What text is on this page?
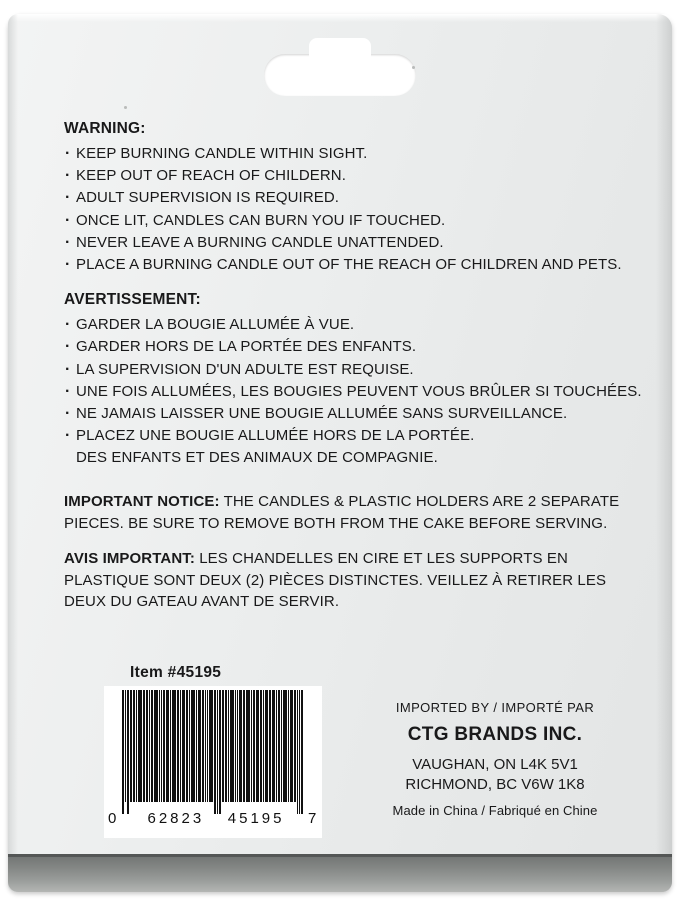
WARNING:
· KEEP BURNING CANDLE WITHIN SIGHT.
· KEEP OUT OF REACH OF CHILDERN.
· ADULT SUPERVISION IS REQUIRED.
· ONCE LIT, CANDLES CAN BURN YOU IF TOUCHED.
· NEVER LEAVE A BURNING CANDLE UNATTENDED.
· PLACE A BURNING CANDLE OUT OF THE REACH OF CHILDREN AND PETS.
AVERTISSEMENT:
· GARDER LA BOUGIE ALLUMÉE À VUE.
· GARDER HORS DE LA PORTÉE DES ENFANTS.
· LA SUPERVISION D'UN ADULTE EST REQUISE.
· UNE FOIS ALLUMÉES, LES BOUGIES PEUVENT VOUS BRÛLER SI TOUCHÉES.
· NE JAMAIS LAISSER UNE BOUGIE ALLUMÉE SANS SURVEILLANCE.
· PLACEZ UNE BOUGIE ALLUMÉE HORS DE LA PORTÉE.
DES ENFANTS ET DES ANIMAUX DE COMPAGNIE.

IMPORTANT NOTICE: THE CANDLES & PLASTIC HOLDERS ARE 2 SEPARATE PIECES. BE SURE TO REMOVE BOTH FROM THE CAKE BEFORE SERVING.

AVIS IMPORTANT: LES CHANDELLES EN CIRE ET LES SUPPORTS EN PLASTIQUE SONT DEUX (2) PIÈCES DISTINCTES. VEILLEZ À RETIRER LES DEUX DU GATEAU AVANT DE SERVIR.

Item #45195
0 62823 45195 7
IMPORTED BY / IMPORTÉ PAR
CTG BRANDS INC.
VAUGHAN, ON L4K 5V1
RICHMOND, BC V6W 1K8
Made in China / Fabriqué en Chine
